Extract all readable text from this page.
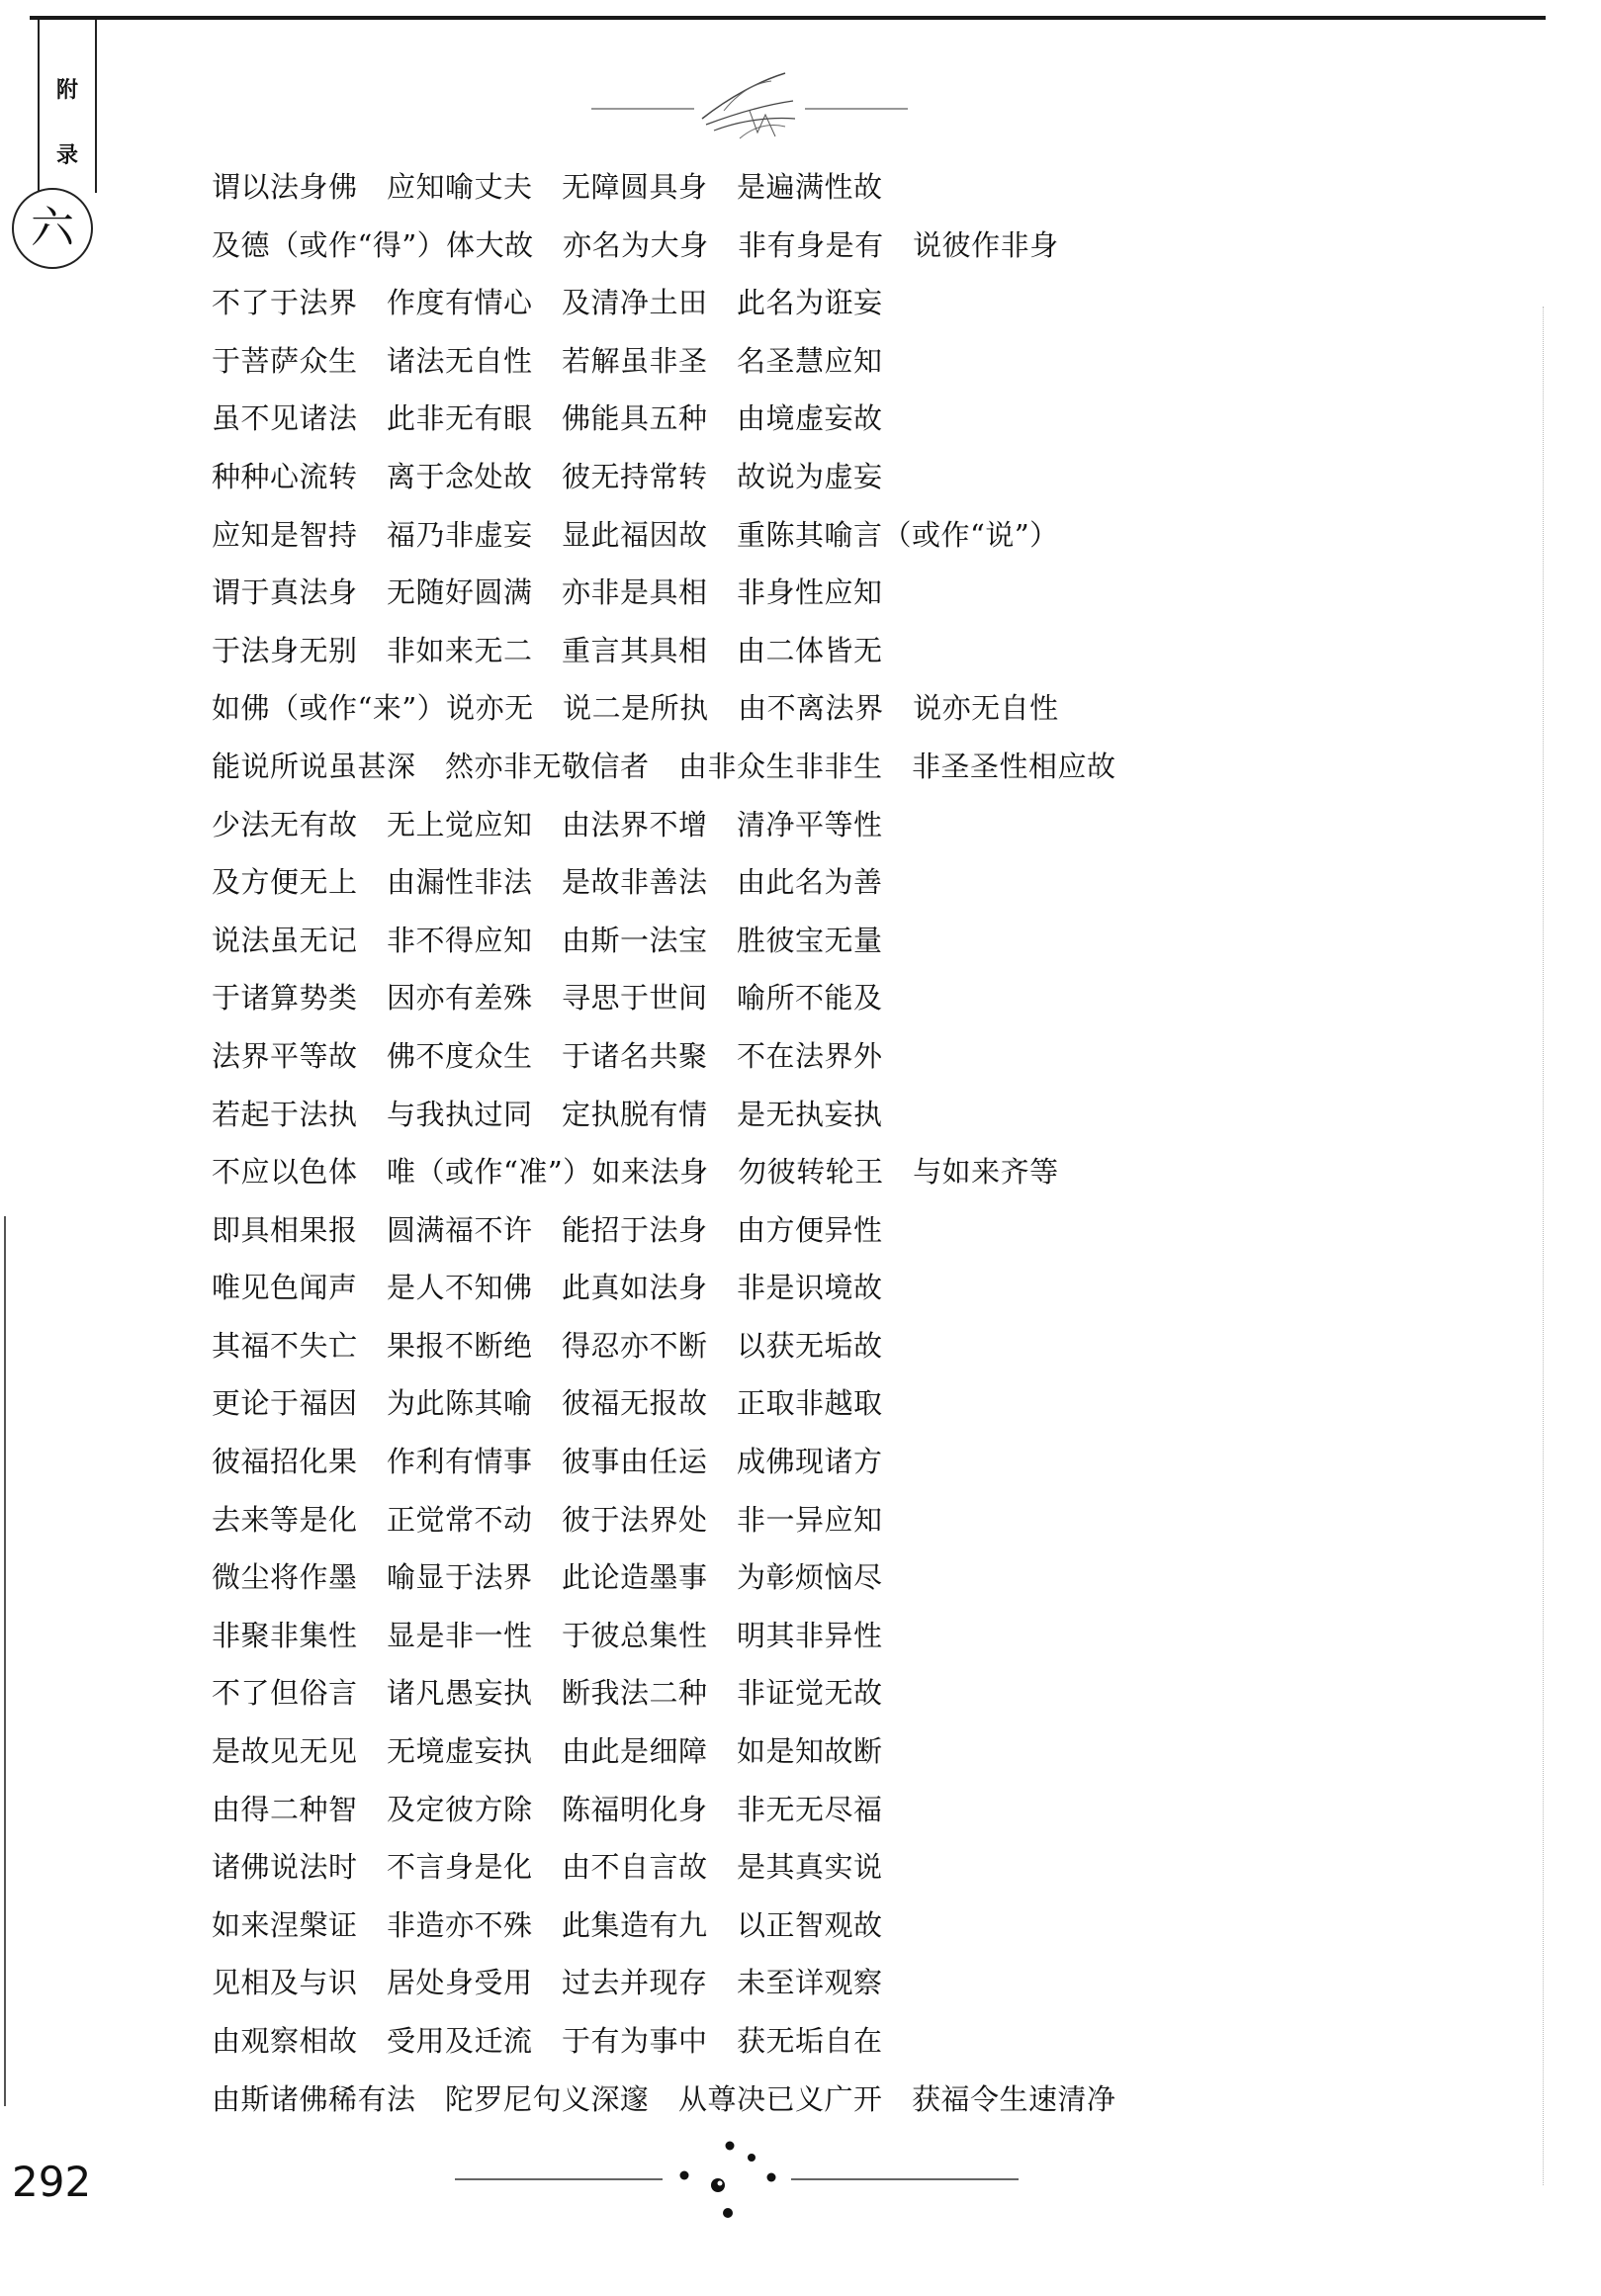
附
录
六
谓以法身佛　应知喻丈夫　无障圆具身　是遍满性故
及德（或作“得”）体大故　亦名为大身　非有身是有　说彼作非身
不了于法界　作度有情心　及清净土田　此名为诳妄
于菩萨众生　诸法无自性　若解虽非圣　名圣慧应知
虽不见诸法　此非无有眼　佛能具五种　由境虚妄故
种种心流转　离于念处故　彼无持常转　故说为虚妄
应知是智持　福乃非虚妄　显此福因故　重陈其喻言（或作“说”）
谓于真法身　无随好圆满　亦非是具相　非身性应知
于法身无别　非如来无二　重言其具相　由二体皆无
如佛（或作“来”）说亦无　说二是所执　由不离法界　说亦无自性
能说所说虽甚深　然亦非无敬信者　由非众生非非生　非圣圣性相应故
少法无有故　无上觉应知　由法界不增　清净平等性
及方便无上　由漏性非法　是故非善法　由此名为善
说法虽无记　非不得应知　由斯一法宝　胜彼宝无量
于诸算势类　因亦有差殊　寻思于世间　喻所不能及
法界平等故　佛不度众生　于诸名共聚　不在法界外
若起于法执　与我执过同　定执脱有情　是无执妄执
不应以色体　唯（或作“准”）如来法身　勿彼转轮王　与如来齐等
即具相果报　圆满福不许　能招于法身　由方便异性
唯见色闻声　是人不知佛　此真如法身　非是识境故
其福不失亡　果报不断绝　得忍亦不断　以获无垢故
更论于福因　为此陈其喻　彼福无报故　正取非越取
彼福招化果　作利有情事　彼事由任运　成佛现诸方
去来等是化　正觉常不动　彼于法界处　非一异应知
微尘将作墨　喻显于法界　此论造墨事　为彰烦恼尽
非聚非集性　显是非一性　于彼总集性　明其非异性
不了但俗言　诸凡愚妄执　断我法二种　非证觉无故
是故见无见　无境虚妄执　由此是细障　如是知故断
由得二种智　及定彼方除　陈福明化身　非无无尽福
诸佛说法时　不言身是化　由不自言故　是其真实说
如来涅槃证　非造亦不殊　此集造有九　以正智观故
见相及与识　居处身受用　过去并现存　未至详观察
由观察相故　受用及迁流　于有为事中　获无垢自在
由斯诸佛稀有法　陀罗尼句义深邃　从尊决已义广开　获福令生速清净
292
